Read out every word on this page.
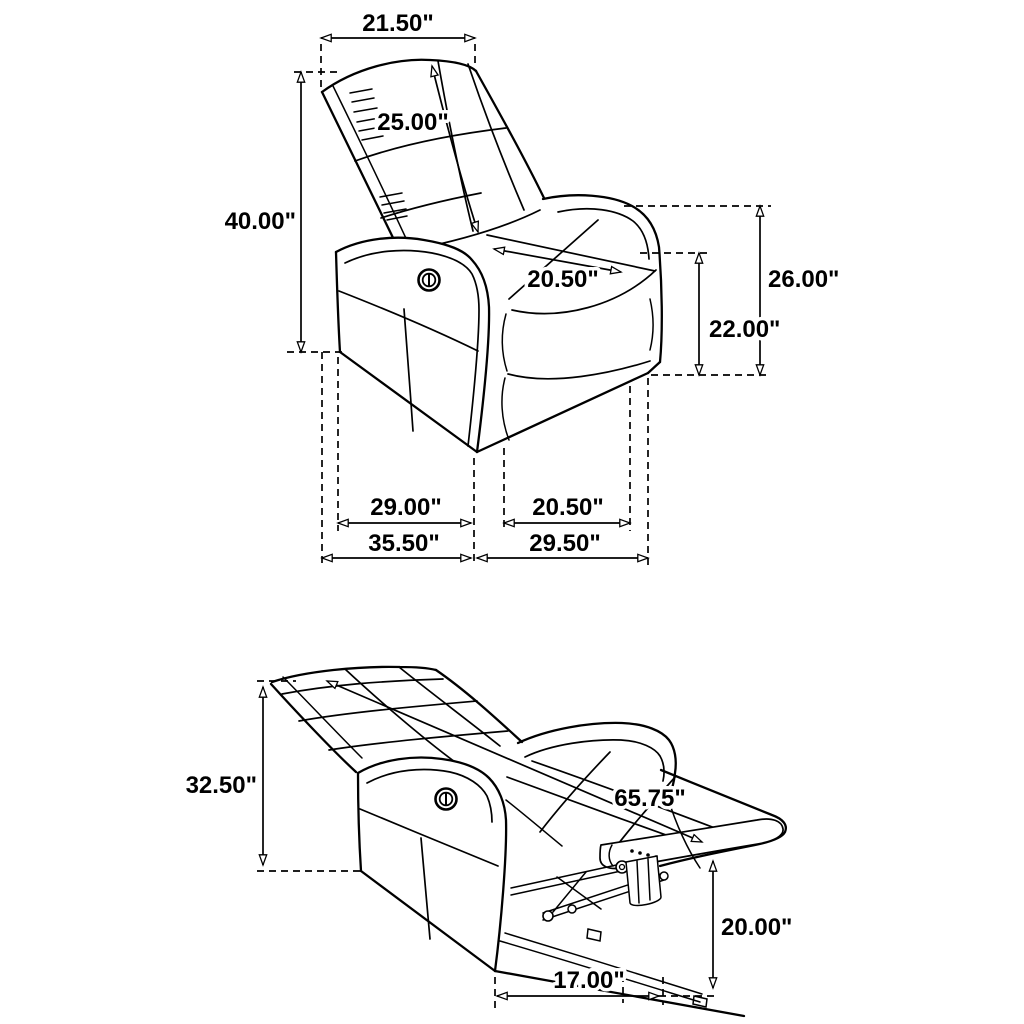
21.50"
40.00"
25.00"
20.50"	26.00"
22.00"
29.00"	20.50"
35.50"	29.50"
32.50"	65.75"
20.00"
17.00"
